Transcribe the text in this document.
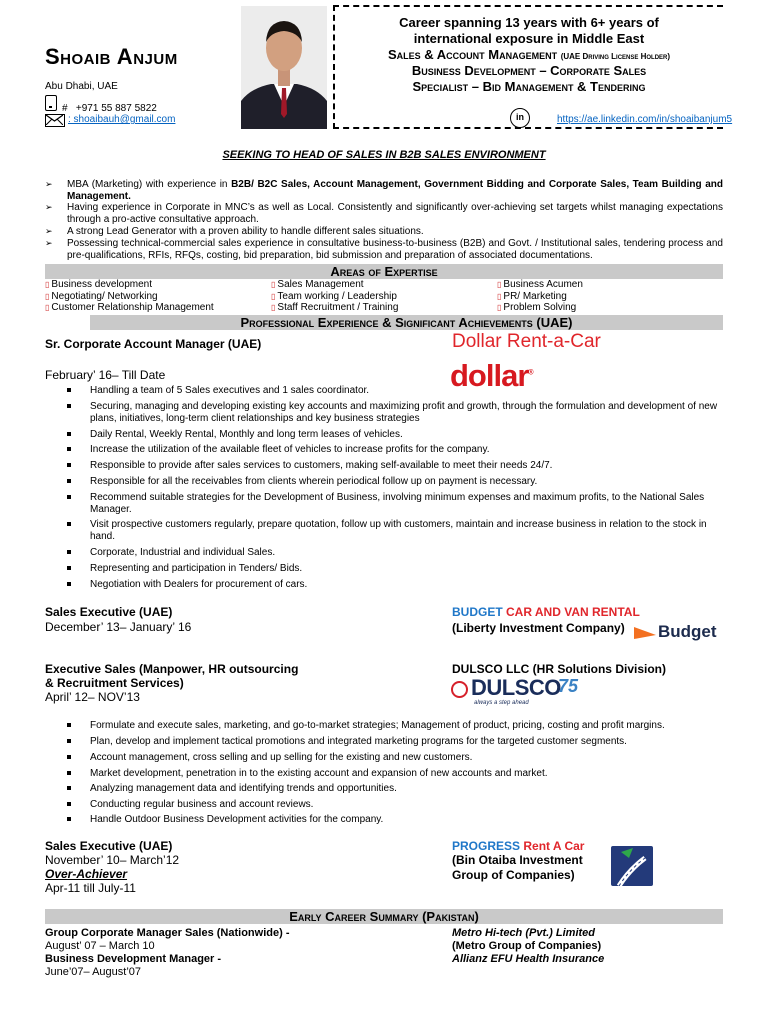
Shoaib Anjum
Abu Dhabi, UAE
# +971 55 887 5822
: shoaibauh@gmail.com
Career spanning 13 years with 6+ years of
international exposure in Middle East
Sales & Account Management (UAE Driving License Holder)
Business Development – Corporate Sales
Specialist – Bid Management & Tendering
in	https://ae.linkedin.com/in/shoaibanjum5
SEEKING TO HEAD OF SALES IN B2B SALES ENVIRONMENT
➢ MBA (Marketing) with experience in B2B/ B2C Sales, Account Management, Government Bidding and Corporate Sales, Team Building and Management.
➢ Having experience in Corporate in MNC’s as well as Local. Consistently and significantly over-achieving set targets whilst managing expectations through a pro-active consultative approach.
➢ A strong Lead Generator with a proven ability to handle different sales situations.
➢ Possessing technical-commercial sales experience in consultative business-to-business (B2B) and Govt. / Institutional sales, tendering process and pre-qualifications, RFIs, RFQs, costing, bid preparation, bid submission and preparation of associated documentations.
Areas of Expertise
▯ Business development	▯ Sales Management	▯ Business Acumen
▯ Negotiating/ Networking	▯ Team working / Leadership	▯ PR/ Marketing
▯ Customer Relationship Management	▯ Staff Recruitment / Training	▯ Problem Solving
Professional Experience & Significant Achievements (UAE)
Sr. Corporate Account Manager (UAE)	Dollar Rent-a-Car
dollar®
February’ 16– Till Date
Handling a team of 5 Sales executives and 1 sales coordinator.
Securing, managing and developing existing key accounts and maximizing profit and growth, through the formulation and development of new plans, initiatives, long-term client relationships and key business strategies
Daily Rental, Weekly Rental, Monthly and long term leases of vehicles.
Increase the utilization of the available fleet of vehicles to increase profits for the company.
Responsible to provide after sales services to customers, making self-available to meet their needs 24/7.
Responsible for all the receivables from clients wherein periodical follow up on payment is necessary.
Recommend suitable strategies for the Development of Business, involving minimum expenses and maximum profits, to the National Sales Manager.
Visit prospective customers regularly, prepare quotation, follow up with customers, maintain and increase business in relation to the stock in hand.
Corporate, Industrial and individual Sales.
Representing and participation in Tenders/ Bids.
Negotiation with Dealers for procurement of cars.
Sales Executive (UAE)
December’ 13– January’ 16
BUDGET CAR AND VAN RENTAL
(Liberty Investment Company)	Budget
Executive Sales (Manpower, HR outsourcing
& Recruitment Services)
April’ 12– NOV’13
DULSCO LLC (HR Solutions Division)
DULSCO
always a step ahead
75
Formulate and execute sales, marketing, and go-to-market strategies; Management of product, pricing, costing and profit margins.
Plan, develop and implement tactical promotions and integrated marketing programs for the targeted customer segments.
Account management, cross selling and up selling for the existing and new customers.
Market development, penetration in to the existing account and expansion of new accounts and market.
Analyzing management data and identifying trends and opportunities.
Conducting regular business and account reviews.
Handle Outdoor Business Development activities for the company.
Sales Executive (UAE)
November’ 10– March’12
Over-Achiever
Apr-11 till July-11
PROGRESS Rent A Car
(Bin Otaiba Investment
Group of Companies)
Early Career Summary (Pakistan)
Group Corporate Manager Sales (Nationwide) -
August’ 07 – March 10
Business Development Manager -
June’07– August’07
Metro Hi-tech (Pvt.) Limited
(Metro Group of Companies)
Allianz EFU Health Insurance
